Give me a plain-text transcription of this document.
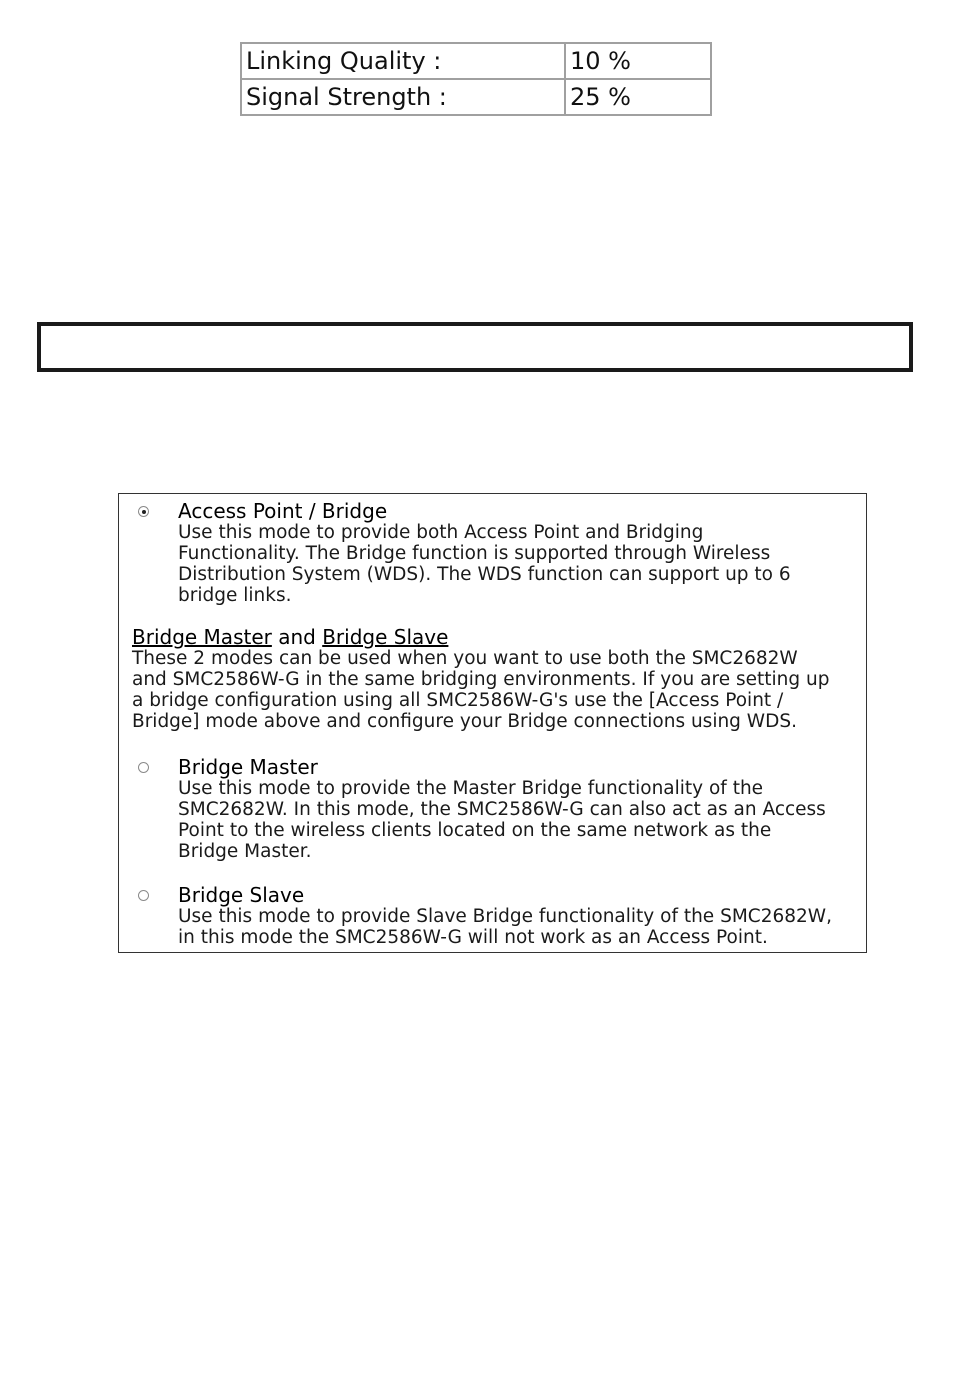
Linking Quality :	10 %
Signal Strength :	25 %
Access Point / Bridge
Use this mode to provide both Access Point and Bridging
Functionality. The Bridge function is supported through Wireless
Distribution System (WDS). The WDS function can support up to 6
bridge links.
Bridge Master and Bridge Slave
These 2 modes can be used when you want to use both the SMC2682W
and SMC2586W-G in the same bridging environments. If you are setting up
a bridge configuration using all SMC2586W-G's use the [Access Point /
Bridge] mode above and configure your Bridge connections using WDS.
Bridge Master
Use this mode to provide the Master Bridge functionality of the
SMC2682W. In this mode, the SMC2586W-G can also act as an Access
Point to the wireless clients located on the same network as the
Bridge Master.
Bridge Slave
Use this mode to provide Slave Bridge functionality of the SMC2682W,
in this mode the SMC2586W-G will not work as an Access Point.
